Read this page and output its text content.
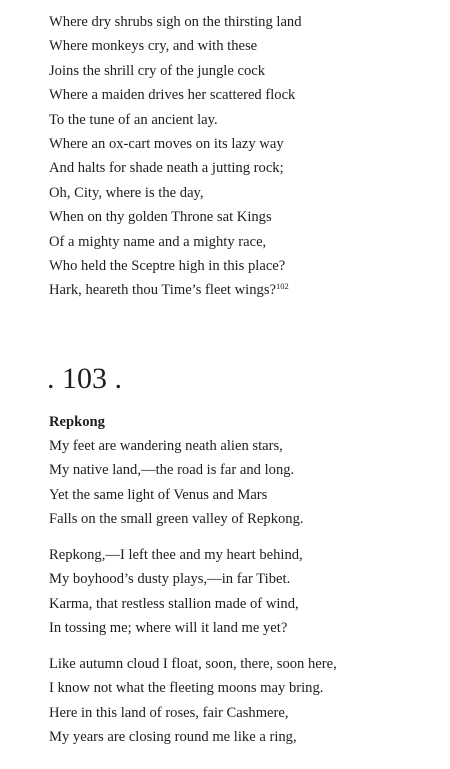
Where dry shrubs sigh on the thirsting land

Where monkeys cry, and with these

Joins the shrill cry of the jungle cock

Where a maiden drives her scattered flock

To the tune of an ancient lay.

Where an ox-cart moves on its lazy way

And halts for shade neath a jutting rock;

Oh, City, where is the day,

When on thy golden Throne sat Kings

Of a mighty name and a mighty race,

Who held the Sceptre high in this place?

Hark, heareth thou Time’s fleet wings?$^{102}$

. 103 .
Repkong

My feet are wandering neath alien stars,

My native land,—the road is far and long.

Yet the same light of Venus and Mars

Falls on the small green valley of Repkong.

Repkong,—I left thee and my heart behind,

My boyhood’s dusty plays,—in far Tibet.

Karma, that restless stallion made of wind,

In tossing me; where will it land me yet?

Like autumn cloud I float, soon, there, soon here,

I know not what the fleeting moons may bring.

Here in this land of roses, fair Cashmere,

My years are closing round me like a ring,
